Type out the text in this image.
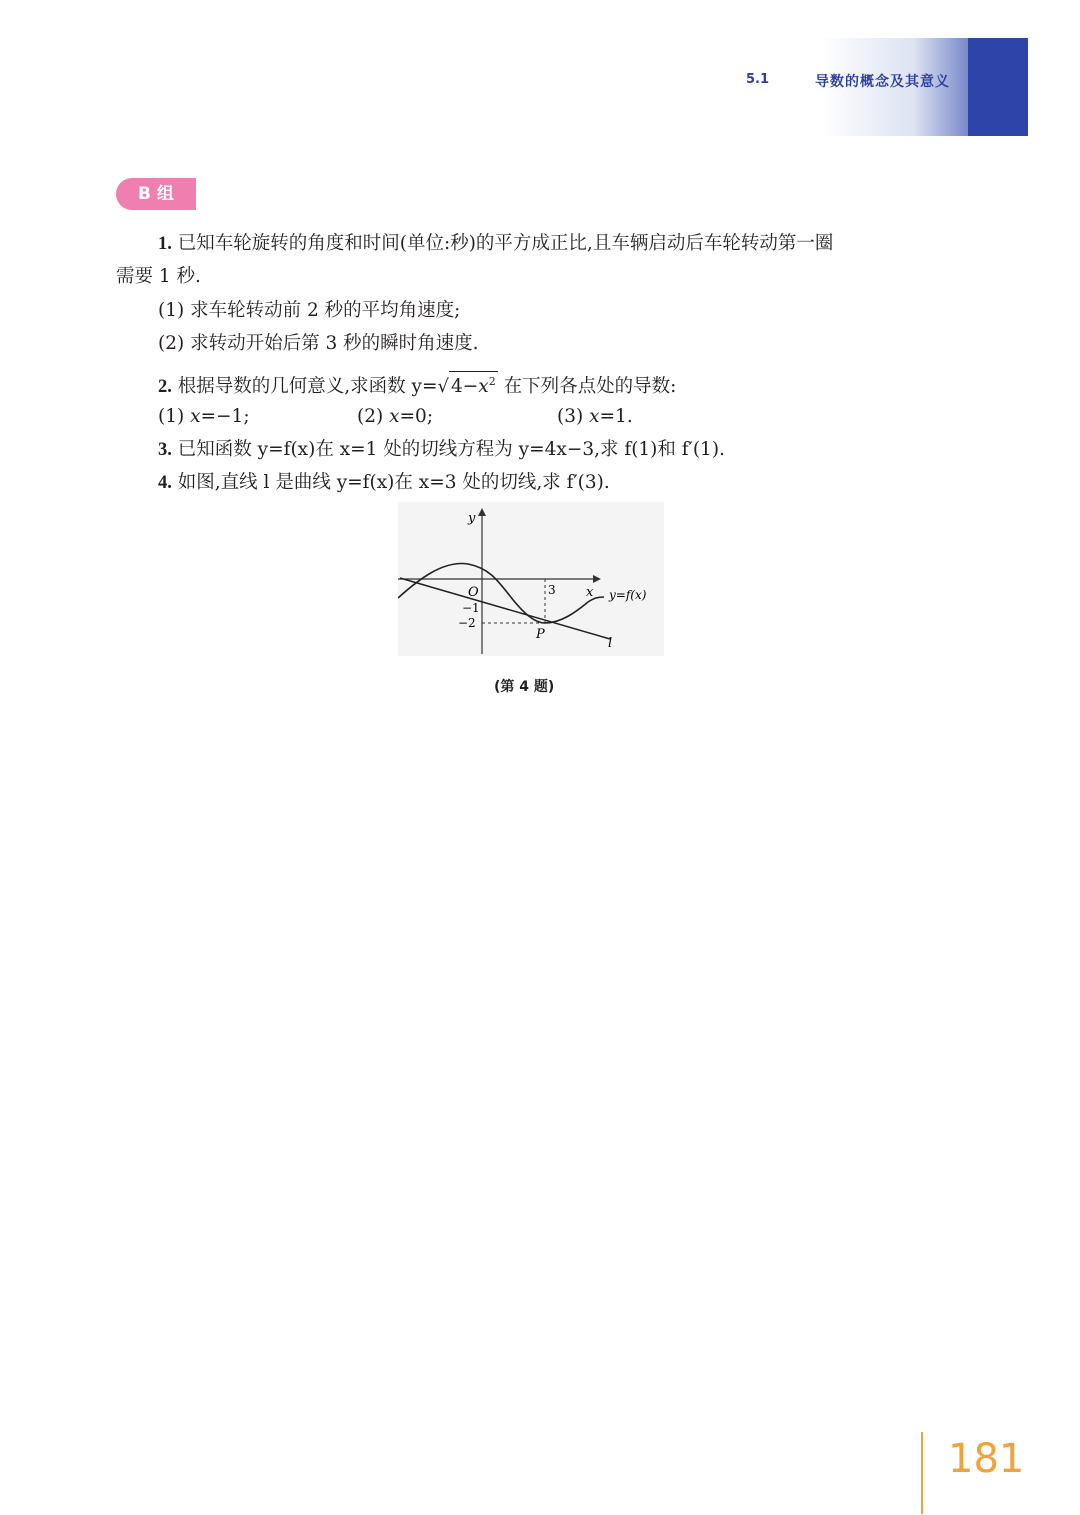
5.1	导数的概念及其意义
B 组
1. 已知车轮旋转的角度和时间(单位:秒)的平方成正比,且车辆启动后车轮转动第一圈
需要 1 秒.
(1) 求车轮转动前 2 秒的平均角速度;
(2) 求转动开始后第 3 秒的瞬时角速度.
2. 根据导数的几何意义,求函数 y=√ $4-x^2$ 在下列各点处的导数:
(1) x=−1;	(2) x=0;	(3) x=1.
3. 已知函数 y=f(x)在 x=1 处的切线方程为 y=4x−3,求 f(1)和 f′(1).
4. 如图,直线 l 是曲线 y=f(x)在 x=3 处的切线,求 f′(3).
y
x
O	3
−1
−2
P
y=f(x)
l
(第 4 题)
181
